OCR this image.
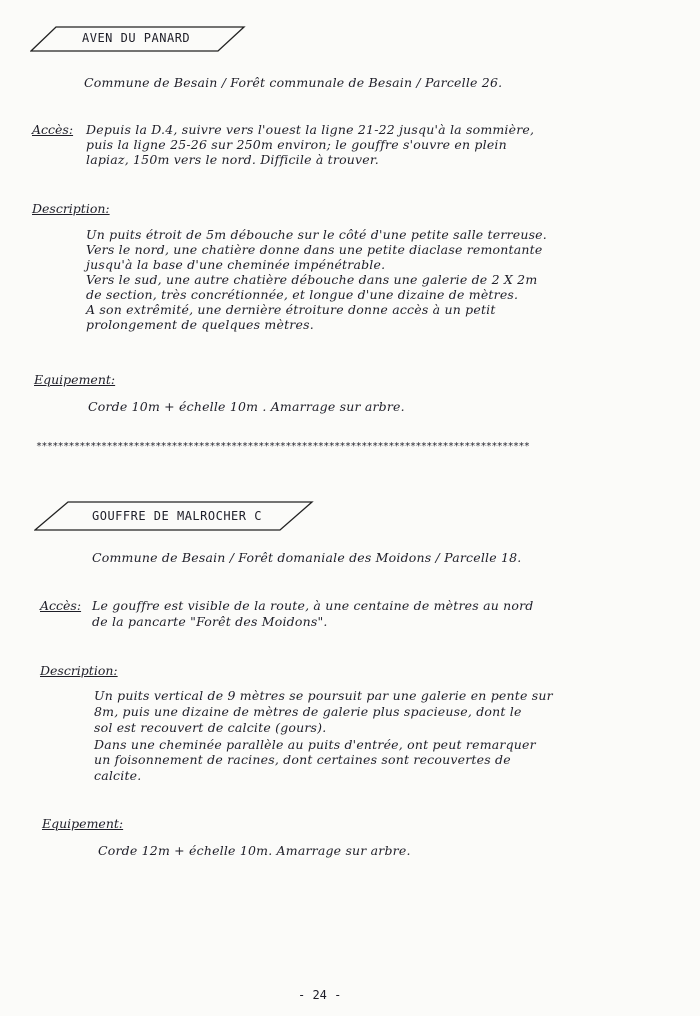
AVEN DU PANARD
Commune de Besain / Forêt communale de Besain / Parcelle 26.
Accès: Depuis la D.4, suivre vers l'ouest la ligne 21-22 jusqu'à la sommière,
puis la ligne 25-26 sur 250m environ; le gouffre s'ouvre en plein
lapiaz, 150m vers le nord. Difficile à trouver.
Description:
Un puits étroit de 5m débouche sur le côté d'une petite salle terreuse.
Vers le nord, une chatière donne dans une petite diaclase remontante
jusqu'à la base d'une cheminée impénétrable.
Vers le sud, une autre chatière débouche dans une galerie de 2 X 2m
de section, très concrétionnée, et longue d'une dizaine de mètres.
A son extrêmité, une dernière étroiture donne accès à un petit
prolongement de quelques mètres.
Equipement:
Corde 10m + échelle 10m . Amarrage sur arbre.
*******************************************************************************************
GOUFFRE DE MALROCHER C
Commune de Besain / Forêt domaniale des Moidons / Parcelle 18.
Accès: Le gouffre est visible de la route, à une centaine de mètres au nord
de la pancarte "Forêt des Moidons".
Description:
Un puits vertical de 9 mètres se poursuit par une galerie en pente sur
8m, puis une dizaine de mètres de galerie plus spacieuse, dont le
sol est recouvert de calcite (gours).
Dans une cheminée parallèle au puits d'entrée, ont peut remarquer
un foisonnement de racines, dont certaines sont recouvertes de
calcite.
Equipement:
Corde 12m + échelle 10m. Amarrage sur arbre.
- 24 -
